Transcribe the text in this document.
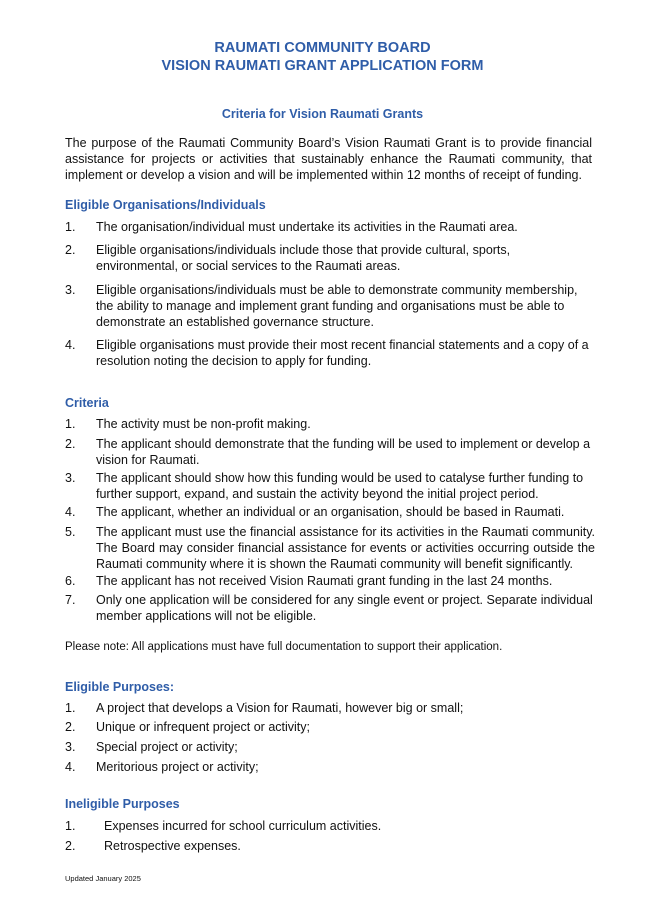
RAUMATI COMMUNITY BOARD
VISION RAUMATI GRANT APPLICATION FORM
Criteria for Vision Raumati Grants
The purpose of the Raumati Community Board’s Vision Raumati Grant is to provide financial assistance for projects or activities that sustainably enhance the Raumati community, that implement or develop a vision and will be implemented within 12 months of receipt of funding.
Eligible Organisations/Individuals
1. The organisation/individual must undertake its activities in the Raumati area.
2. Eligible organisations/individuals include those that provide cultural, sports, environmental, or social services to the Raumati areas.
3. Eligible organisations/individuals must be able to demonstrate community membership, the ability to manage and implement grant funding and organisations must be able to demonstrate an established governance structure.
4. Eligible organisations must provide their most recent financial statements and a copy of a resolution noting the decision to apply for funding.
Criteria
1. The activity must be non-profit making.
2. The applicant should demonstrate that the funding will be used to implement or develop a vision for Raumati.
3. The applicant should show how this funding would be used to catalyse further funding to further support, expand, and sustain the activity beyond the initial project period.
4. The applicant, whether an individual or an organisation, should be based in Raumati.
5. The applicant must use the financial assistance for its activities in the Raumati community. The Board may consider financial assistance for events or activities occurring outside the Raumati community where it is shown the Raumati community will benefit significantly.
6. The applicant has not received Vision Raumati grant funding in the last 24 months.
7. Only one application will be considered for any single event or project. Separate individual member applications will not be eligible.
Please note: All applications must have full documentation to support their application.
Eligible Purposes:
1. A project that develops a Vision for Raumati, however big or small;
2. Unique or infrequent project or activity;
3. Special project or activity;
4. Meritorious project or activity;
Ineligible Purposes
1. Expenses incurred for school curriculum activities.
2. Retrospective expenses.
Updated January 2025
